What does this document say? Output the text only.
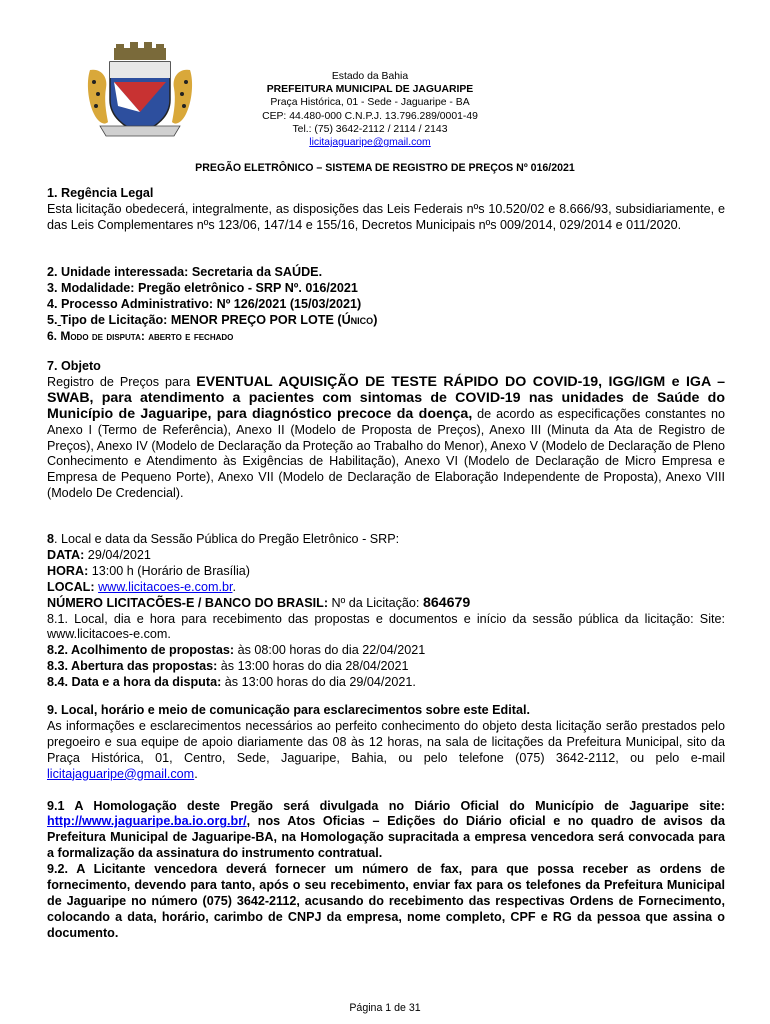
Estado da Bahia
PREFEITURA MUNICIPAL DE JAGUARIPE
Praça Histórica, 01 - Sede - Jaguaripe - BA
CEP: 44.480-000 C.N.P.J. 13.796.289/0001-49
Tel.: (75) 3642-2112 / 2114 / 2143
licitajaguaripe@gmail.com
PREGÃO ELETRÔNICO – SISTEMA DE REGISTRO DE PREÇOS Nº 016/2021

1. Regência Legal

Esta licitação obedecerá, integralmente, as disposições das Leis Federais nºs 10.520/02 e 8.666/93, subsidiariamente, e das Leis Complementares nºs 123/06, 147/14 e 155/16, Decretos Municipais nºs 009/2014, 029/2014 e 011/2020.

2. Unidade interessada: Secretaria da SAÚDE.

3. Modalidade: Pregão eletrônico - SRP Nº. 016/2021

4. Processo Administrativo: Nº 126/2021 (15/03/2021)

5.  Tipo de Licitação: MENOR PREÇO POR LOTE (Único)

6. Modo de disputa: aberto e fechado

7. Objeto

Registro de Preços para EVENTUAL AQUISIÇÃO DE TESTE RÁPIDO DO COVID-19, IGG/IGM e IGA – SWAB, para atendimento a pacientes com sintomas de COVID-19 nas unidades de Saúde do Município de Jaguaripe, para diagnóstico precoce da doença, de acordo as especificações constantes no Anexo I (Termo de Referência), Anexo II (Modelo de Proposta de Preços), Anexo III (Minuta da Ata de Registro de Preços), Anexo IV (Modelo de Declaração da Proteção ao Trabalho do Menor), Anexo V (Modelo de Declaração de Pleno Conhecimento e Atendimento às Exigências de Habilitação), Anexo VI (Modelo de Declaração de Micro Empresa e Empresa de Pequeno Porte), Anexo VII (Modelo de Declaração de Elaboração Independente de Proposta), Anexo VIII (Modelo De Credencial).

8. Local e data da Sessão Pública do Pregão Eletrônico - SRP:

DATA: 29/04/2021

HORA: 13:00 h (Horário de Brasília)

LOCAL: www.licitacoes-e.com.br.

NÚMERO LICITACÕES-E / BANCO DO BRASIL: Nº da Licitação: 864679

8.1. Local, dia e hora para recebimento das propostas e documentos e início da sessão pública da licitação: Site: www.licitacoes-e.com.

8.2. Acolhimento de propostas: às 08:00 horas do dia 22/04/2021

8.3. Abertura das propostas: às 13:00 horas do dia 28/04/2021

8.4. Data e a hora da disputa: às 13:00 horas do dia 29/04/2021.

9. Local, horário e meio de comunicação para esclarecimentos sobre este Edital.

As informações e esclarecimentos necessários ao perfeito conhecimento do objeto desta licitação serão prestados pelo pregoeiro e sua equipe de apoio diariamente das 08 às 12 horas, na sala de licitações da Prefeitura Municipal, sito da Praça Histórica, 01, Centro, Sede, Jaguaripe, Bahia, ou pelo telefone (075) 3642-2112, ou pelo e-mail licitajaguaripe@gmail.com.

9.1 A Homologação deste Pregão será divulgada no Diário Oficial do Município de Jaguaripe site: http://www.jaguaripe.ba.io.org.br/, nos Atos Oficias – Edições do Diário oficial e no quadro de avisos da Prefeitura Municipal de Jaguaripe-BA, na Homologação supracitada a empresa vencedora será convocada para a formalização da assinatura do instrumento contratual.

9.2. A Licitante vencedora deverá fornecer um número de fax, para que possa receber as ordens de fornecimento, devendo para tanto, após o seu recebimento, enviar fax para os telefones da Prefeitura Municipal de Jaguaripe no número (075) 3642-2112, acusando do recebimento das respectivas Ordens de Fornecimento, colocando a data, horário, carimbo de CNPJ da empresa, nome completo, CPF e RG da pessoa que assina o documento.

Página 1 de 31
